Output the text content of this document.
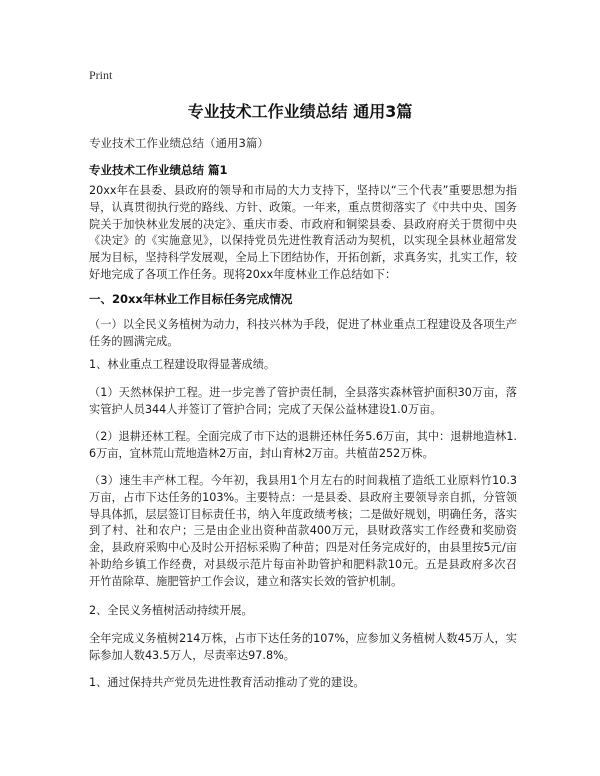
Print
专业技术工作业绩总结 通用3篇
专业技术工作业绩总结（通用3篇）
专业技术工作业绩总结 篇1

20xx年在县委、县政府的领导和市局的大力支持下，坚持以“三个代表”重要思想为指导，认真贯彻执行党的路线、方针、政策。一年来，重点贯彻落实了《中共中央、国务院关于加快林业发展的决定》、重庆市委、市政府和铜梁县委、县政府府关于贯彻中央《决定》的《实施意见》，以保持党员先进性教育活动为契机，以实现全县林业超常发展为目标，坚持科学发展观，全局上下团结协作，开拓创新，求真务实，扎实工作，较好地完成了各项工作任务。现将20xx年度林业工作总结如下：

一、20xx年林业工作目标任务完成情况

（一）以全民义务植树为动力，科技兴林为手段，促进了林业重点工程建设及各项生产任务的圆满完成。

1、林业重点工程建设取得显著成绩。

（1）天然林保护工程。进一步完善了管护责任制，全县落实森林管护面积30万亩，落实管护人员344人并签订了管护合同；完成了天保公益林建设1.0万亩。

（2）退耕还林工程。全面完成了市下达的退耕还林任务5.6万亩，其中：退耕地造林1.6万亩，宜林荒山荒地造林2万亩，封山育林2万亩。共植苗252万株。

（3）速生丰产林工程。今年初，我县用1个月左右的时间栽植了造纸工业原料竹10.3万亩，占市下达任务的103%。主要特点：一是县委、县政府主要领导亲自抓，分管领导具体抓，层层签订目标责任书，纳入年度政绩考核；二是做好规划，明确任务，落实到了村、社和农户；三是由企业出资种苗款400万元，县财政落实工作经费和奖励资金，县政府采购中心及时公开招标采购了种苗；四是对任务完成好的，由县里按5元/亩补助给乡镇工作经费，对县级示范片每亩补助管护和肥料款10元。五是县政府多次召开竹苗除草、施肥管护工作会议，建立和落实长效的管护机制。

2、全民义务植树活动持续开展。

全年完成义务植树214万株，占市下达任务的107%，应参加义务植树人数45万人，实际参加人数43.5万人，尽责率达97.8%。

1、通过保持共产党员先进性教育活动推动了党的建设。
